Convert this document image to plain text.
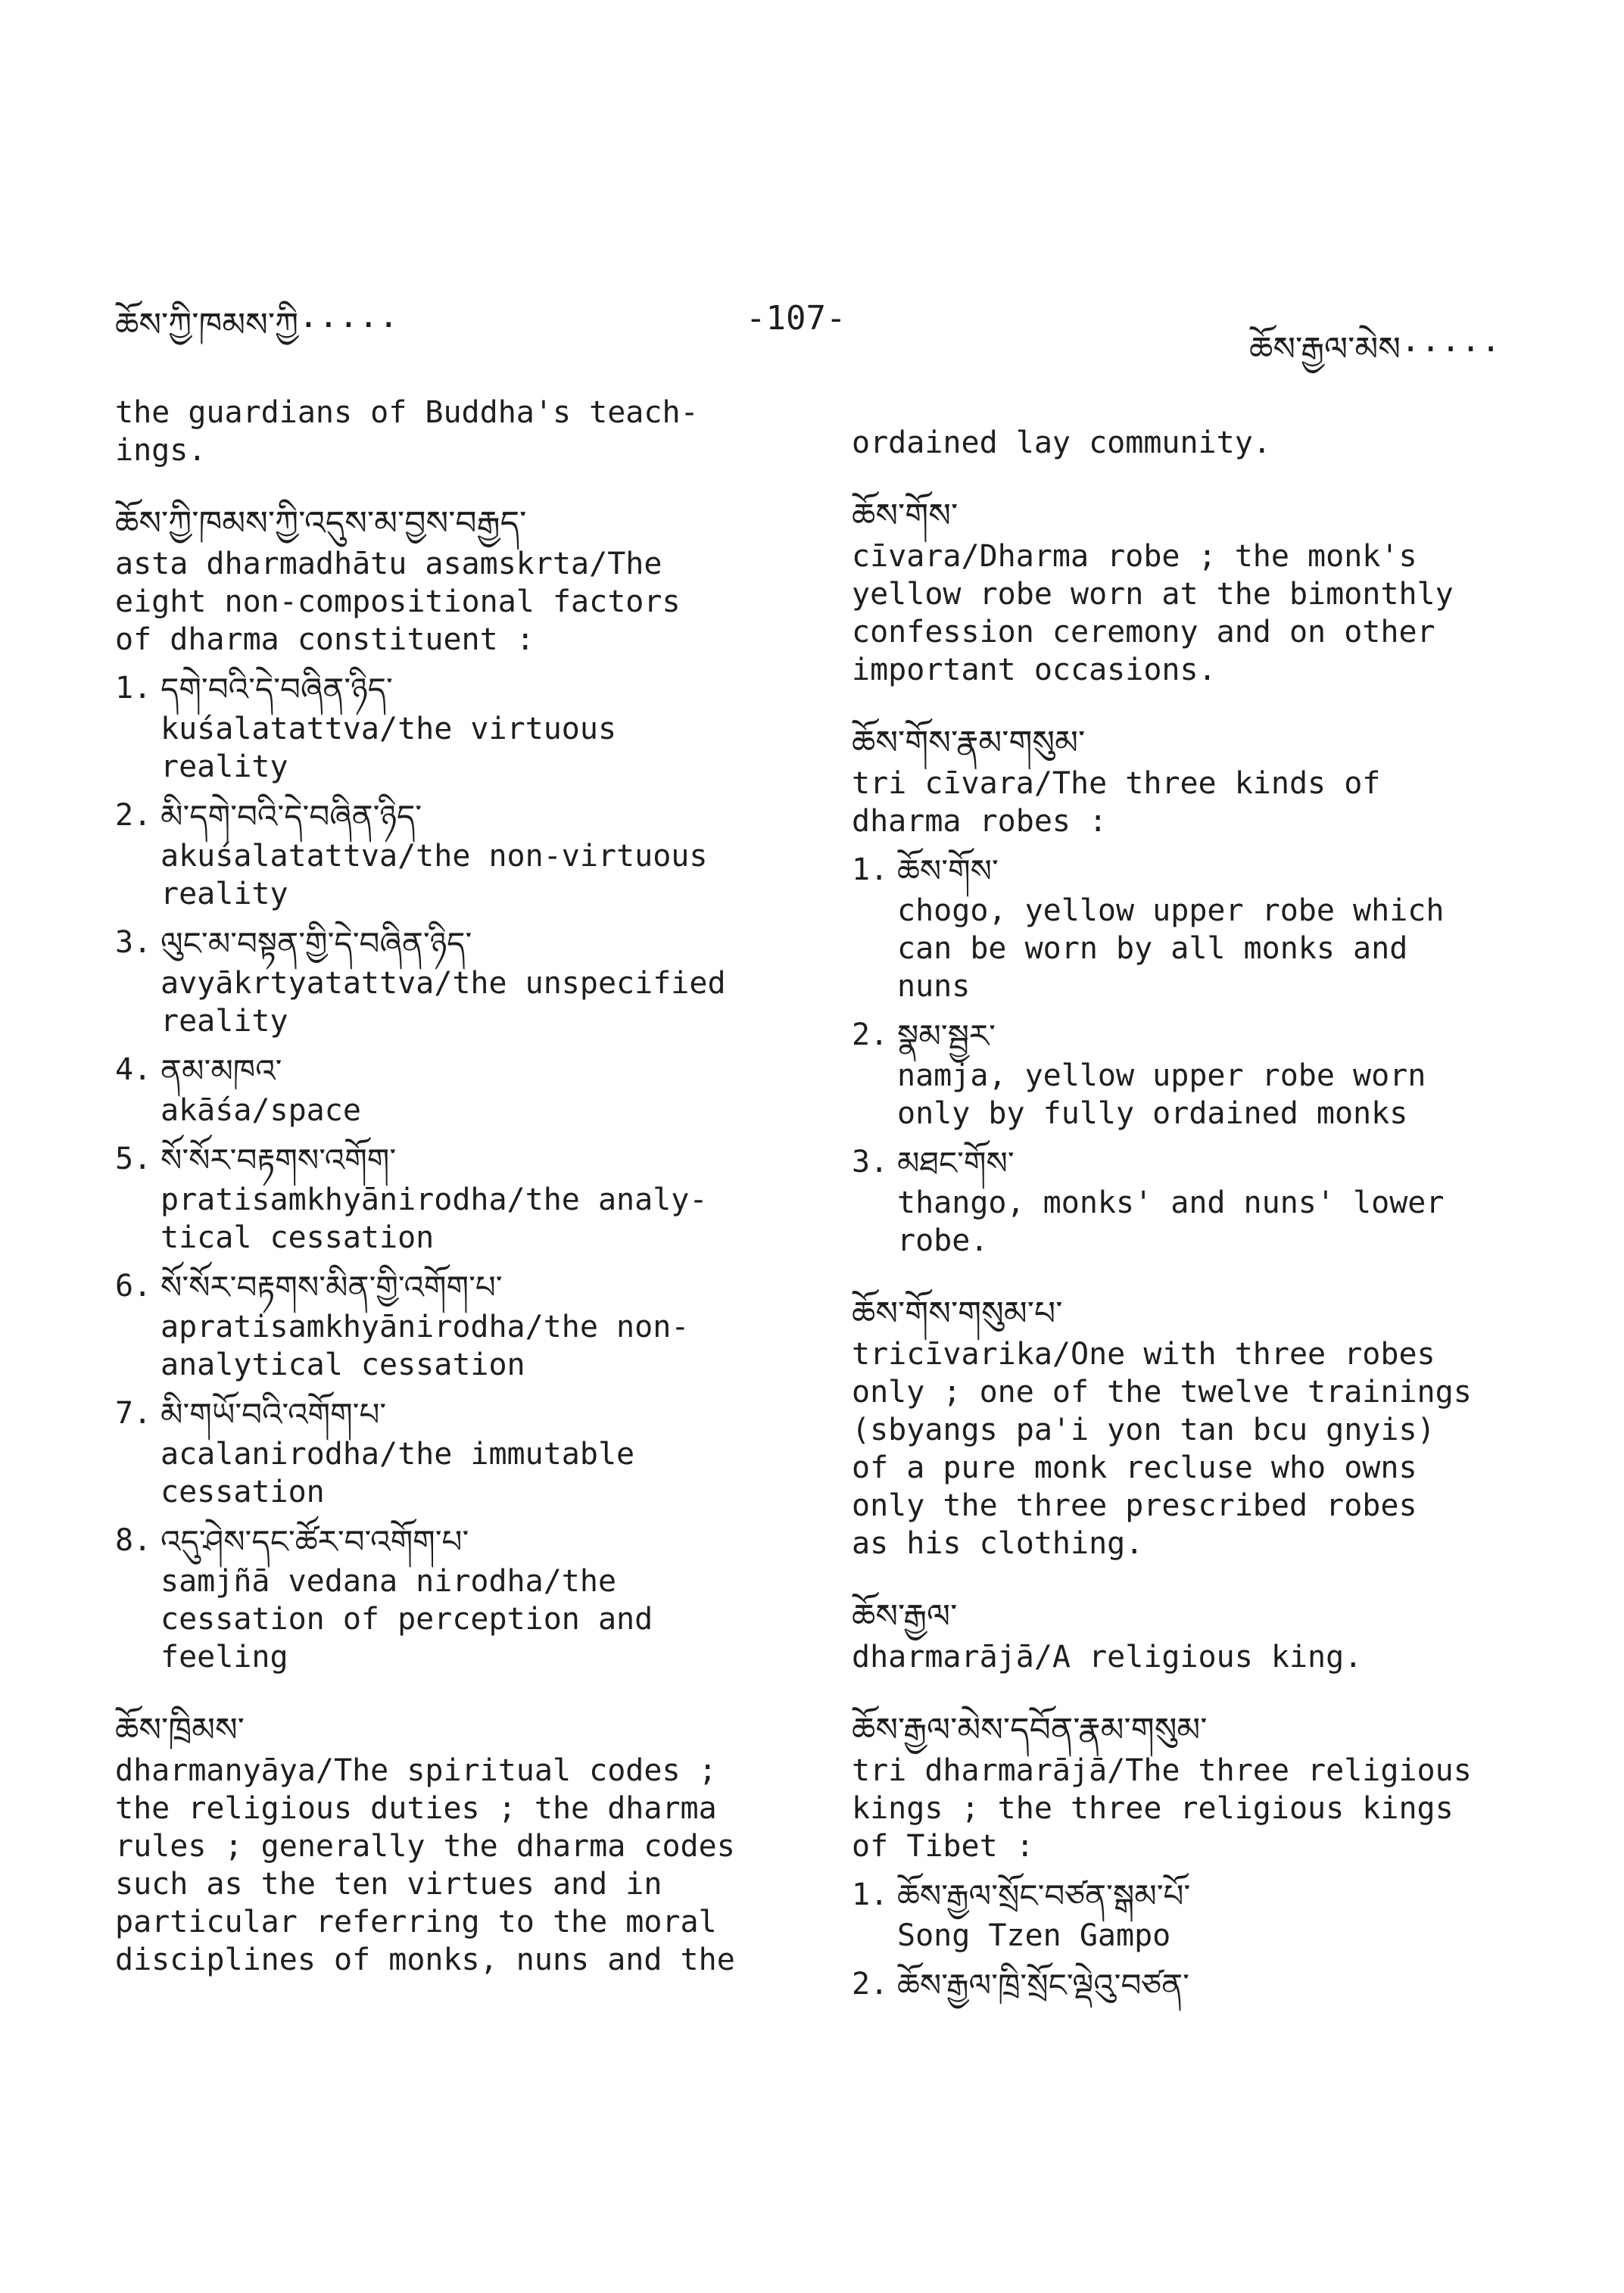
ཆོས་ཀྱི་ཁམས་ཀྱི·····	-107-
ཆོས་རྒྱལ་མེས·····
the guardians of Buddha's teach-
ings.
ཆོས་ཀྱི་ཁམས་ཀྱི་འདུས་མ་བྱས་བརྒྱད་
asta dharmadhātu asamskrta/The
eight non-compositional factors
of dharma constituent :
1. དགེ་བའི་དེ་བཞིན་ཉིད་
kuśalatattva/the virtuous
reality
2. མི་དགེ་བའི་དེ་བཞིན་ཉིད་
akuśalatattva/the non-virtuous
reality
3. ལུང་མ་བསྟན་གྱི་དེ་བཞིན་ཉིད་
avyākrtyatattva/the unspecified
reality
4. ནམ་མཁའ་
akāśa/space
5. སོ་སོར་བརྟགས་འགོག་
pratisamkhyānirodha/the analy-
tical cessation
6. སོ་སོར་བརྟགས་མིན་གྱི་འགོག་པ་
apratisamkhyānirodha/the non-
analytical cessation
7. མི་གཡོ་བའི་འགོག་པ་
acalanirodha/the immutable
cessation
8. འདུ་ཤེས་དང་ཚོར་བ་འགོག་པ་
samjñā vedana nirodha/the
cessation of perception and
feeling
ཆོས་ཁྲིམས་
dharmanyāya/The spiritual codes ;
the religious duties ; the dharma
rules ; generally the dharma codes
such as the ten virtues and in
particular referring to the moral
disciplines of monks, nuns and the
ordained lay community.
ཆོས་གོས་
cīvara/Dharma robe ; the monk's
yellow robe worn at the bimonthly
confession ceremony and on other
important occasions.
ཆོས་གོས་རྣམ་གསུམ་
tri cīvara/The three kinds of
dharma robes :
1. ཆོས་གོས་
chogo, yellow upper robe which
can be worn by all monks and
nuns
2. སྣམ་སྦྱར་
namja, yellow upper robe worn
only by fully ordained monks
3. མཐང་གོས་
thango, monks' and nuns' lower
robe.
ཆོས་གོས་གསུམ་པ་
tricīvarika/One with three robes
only ; one of the twelve trainings
(sbyangs pa'i yon tan bcu gnyis)
of a pure monk recluse who owns
only the three prescribed robes
as his clothing.
ཆོས་རྒྱལ་
dharmarājā/A religious king.
ཆོས་རྒྱལ་མེས་དབོན་རྣམ་གསུམ་
tri dharmarājā/The three religious
kings ; the three religious kings
of Tibet :
1. ཆོས་རྒྱལ་སྲོང་བཙན་སྒམ་པོ་
Song Tzen Gampo
2. ཆོས་རྒྱལ་ཁྲི་སྲོང་ལྡེའུ་བཙན་
